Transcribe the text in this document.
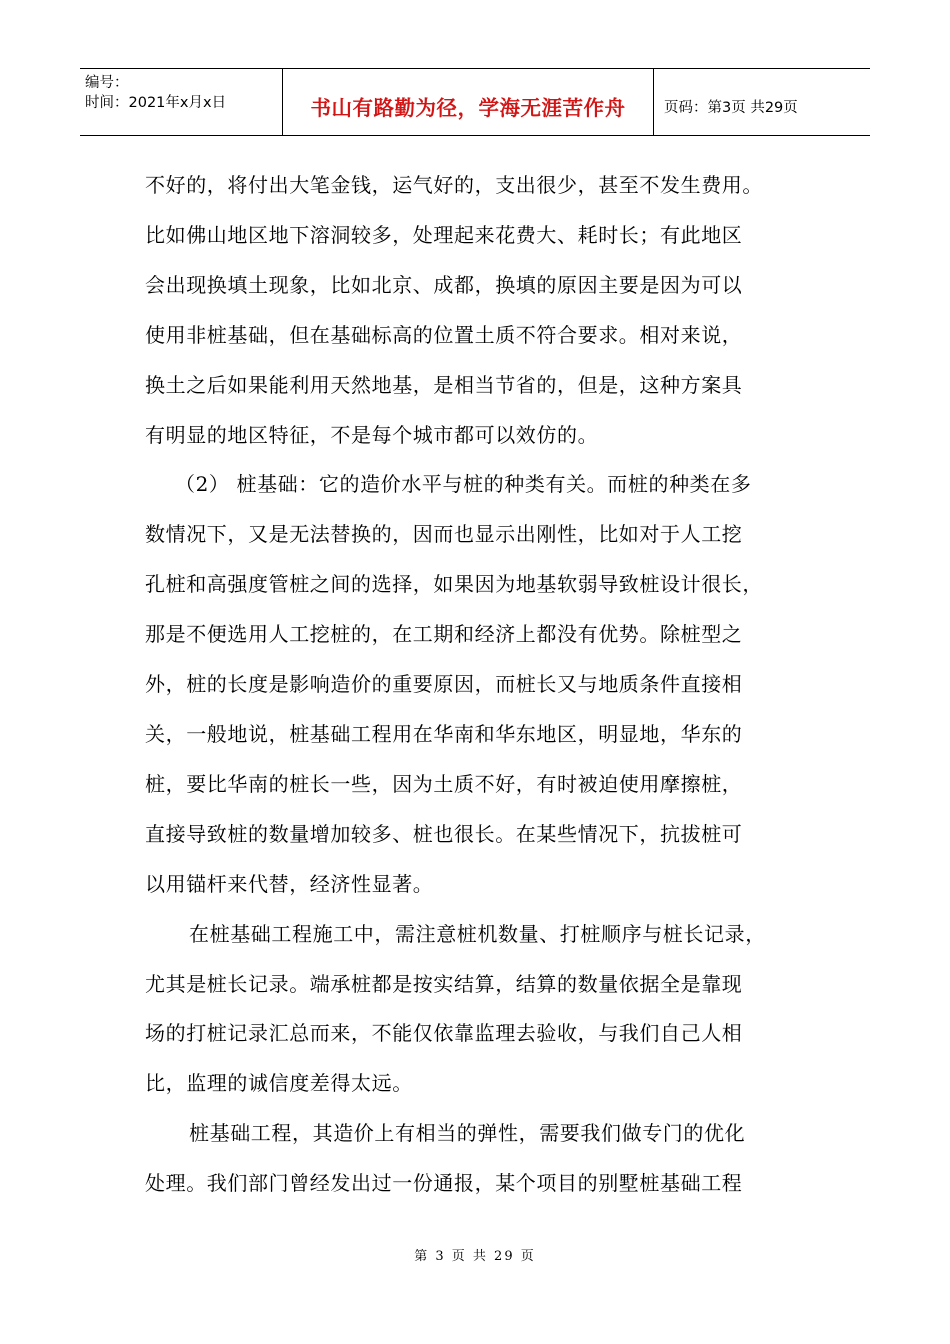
编号：
时间：2021年x月x日	书山有路勤为径，学海无涯苦作舟	页码：第3页 共29页
不好的，将付出大笔金钱，运气好的，支出很少，甚至不发生费用。
比如佛山地区地下溶洞较多，处理起来花费大、耗时长；有此地区
会出现换填土现象，比如北京、成都，换填的原因主要是因为可以
使用非桩基础，但在基础标高的位置土质不符合要求。相对来说，
换土之后如果能利用天然地基，是相当节省的，但是，这种方案具
有明显的地区特征，不是每个城市都可以效仿的。
（2） 桩基础：它的造价水平与桩的种类有关。而桩的种类在多
数情况下，又是无法替换的，因而也显示出刚性，比如对于人工挖
孔桩和高强度管桩之间的选择，如果因为地基软弱导致桩设计很长，
那是不便选用人工挖桩的，在工期和经济上都没有优势。除桩型之
外，桩的长度是影响造价的重要原因，而桩长又与地质条件直接相
关，一般地说，桩基础工程用在华南和华东地区，明显地，华东的
桩，要比华南的桩长一些，因为土质不好，有时被迫使用摩擦桩，
直接导致桩的数量增加较多、桩也很长。在某些情况下，抗拔桩可
以用锚杆来代替，经济性显著。
在桩基础工程施工中，需注意桩机数量、打桩顺序与桩长记录，
尤其是桩长记录。端承桩都是按实结算，结算的数量依据全是靠现
场的打桩记录汇总而来，不能仅依靠监理去验收，与我们自己人相
比，监理的诚信度差得太远。
桩基础工程，其造价上有相当的弹性，需要我们做专门的优化
处理。我们部门曾经发出过一份通报，某个项目的别墅桩基础工程
第 3 页 共 29 页
